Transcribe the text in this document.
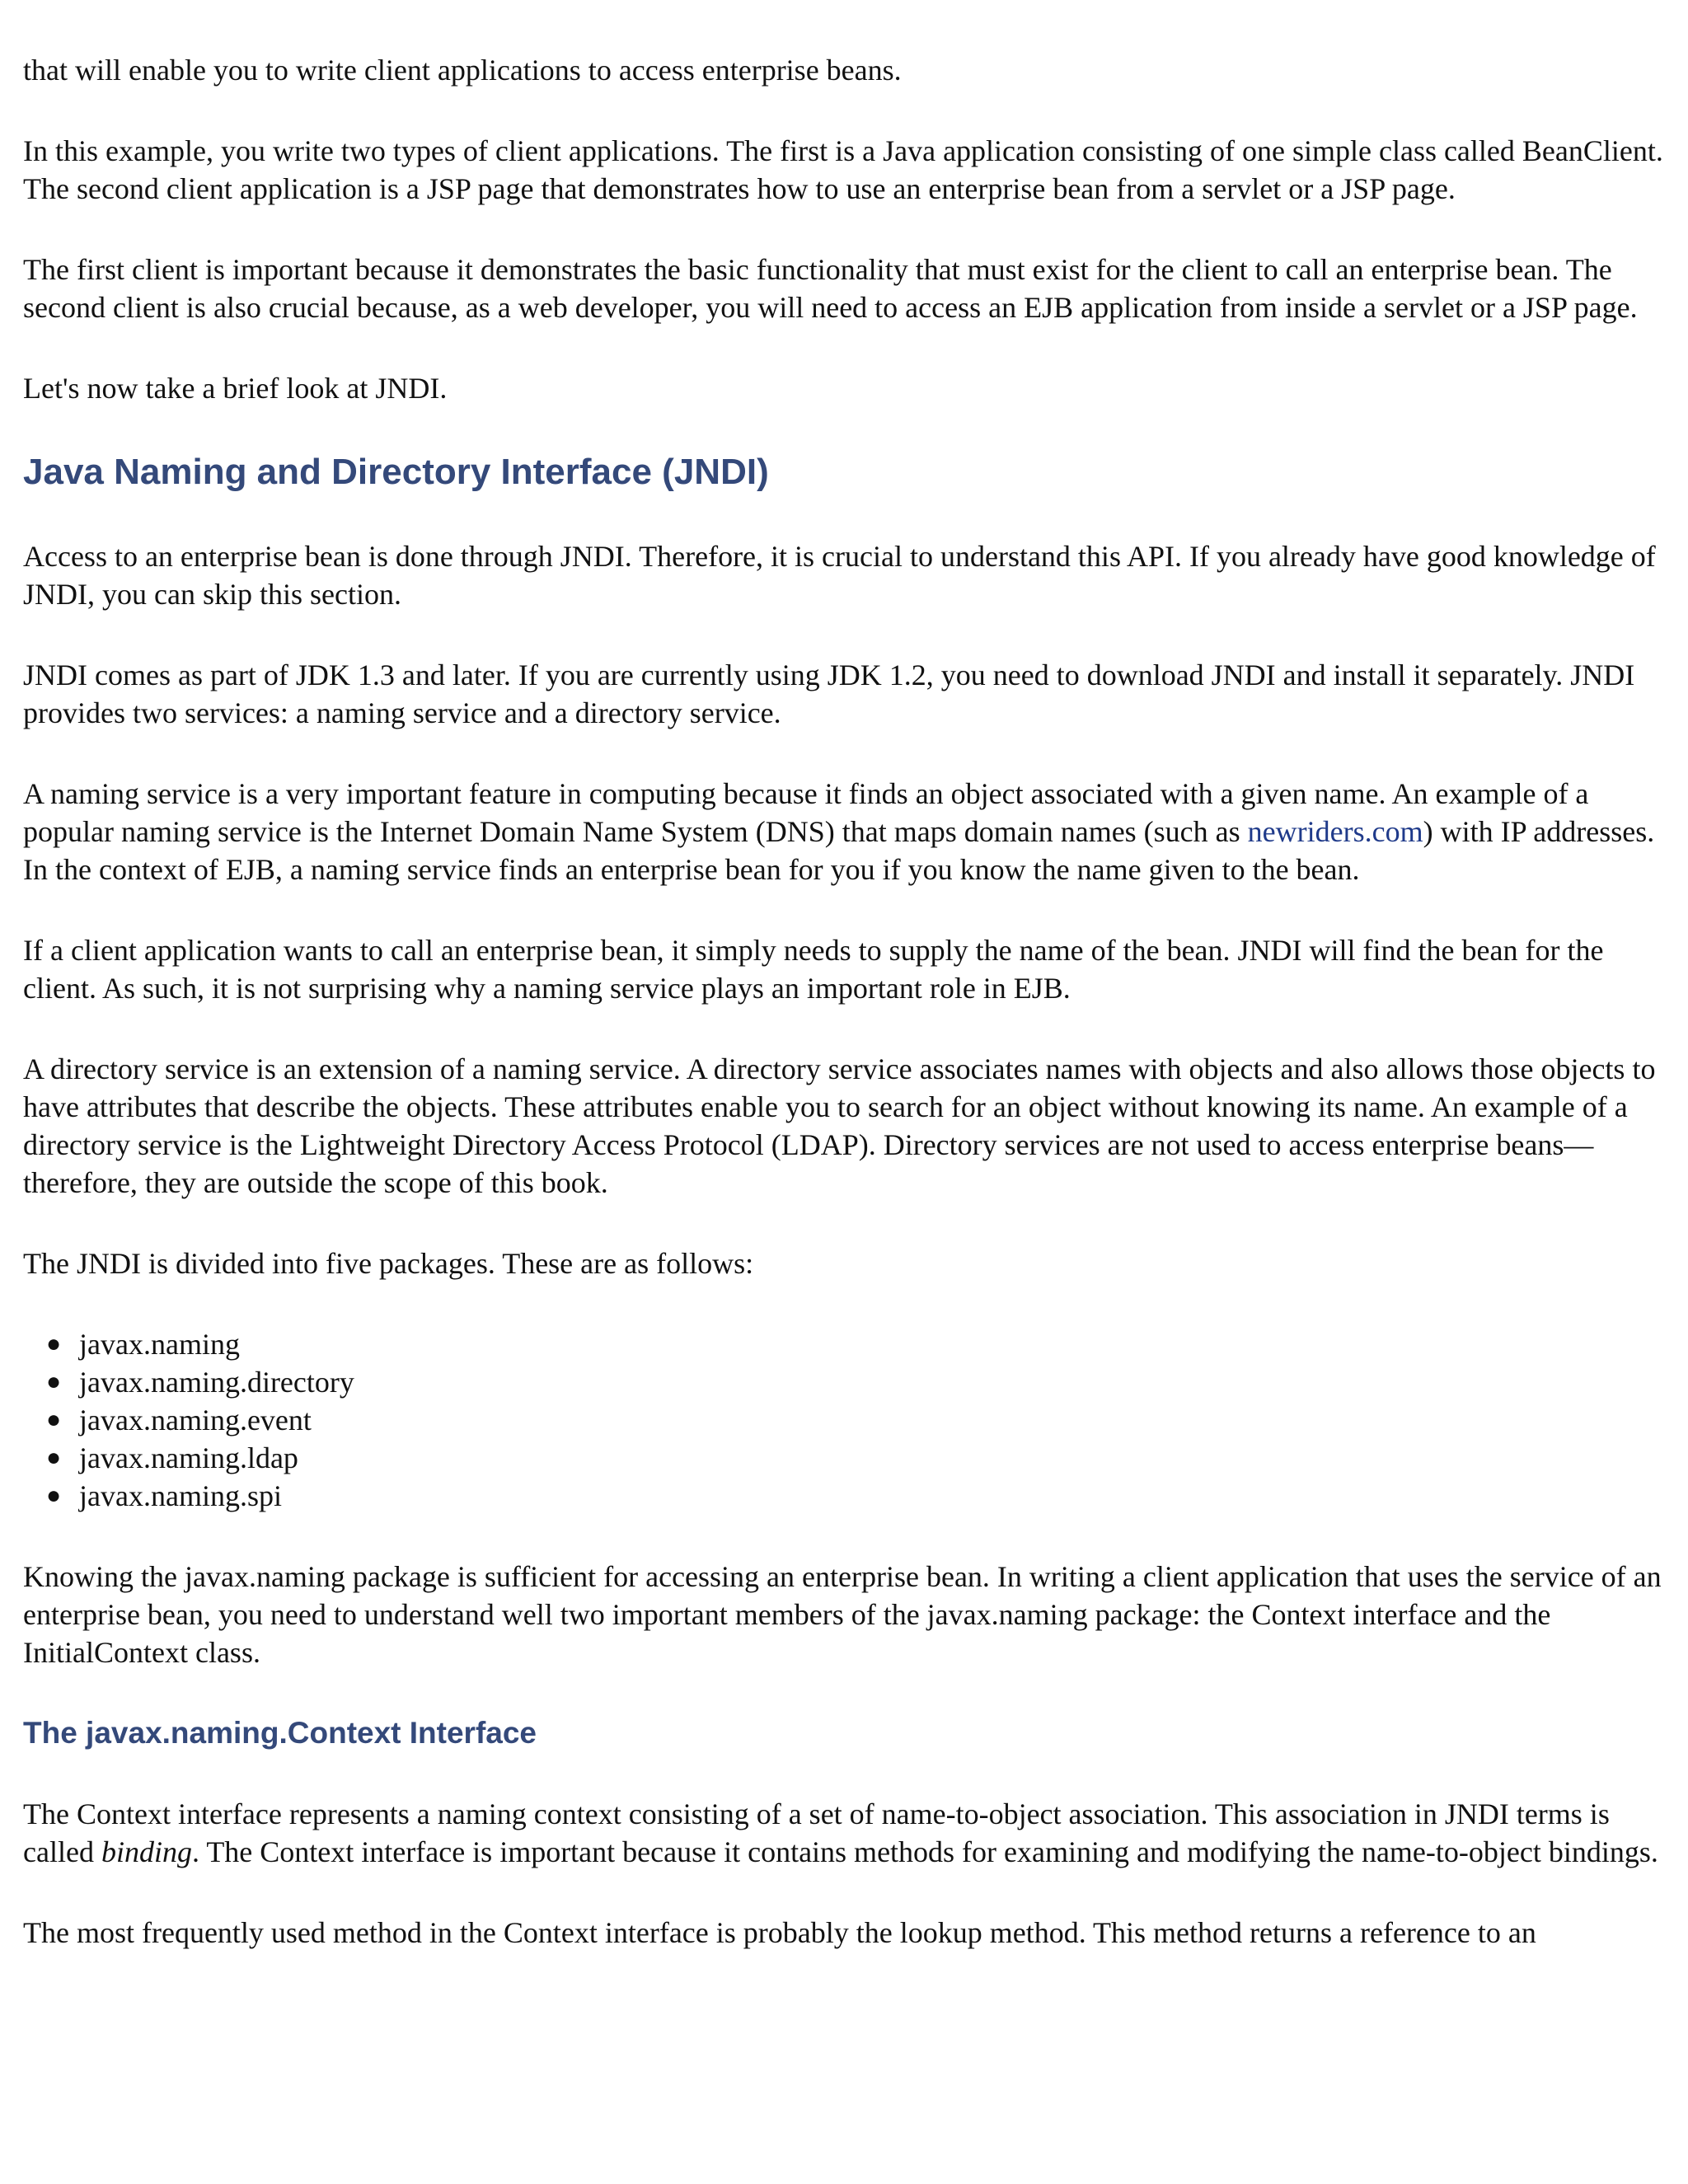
that will enable you to write client applications to access enterprise beans.

In this example, you write two types of client applications. The first is a Java application consisting of one simple class called BeanClient. The second client application is a JSP page that demonstrates how to use an enterprise bean from a servlet or a JSP page.

The first client is important because it demonstrates the basic functionality that must exist for the client to call an enterprise bean. The second client is also crucial because, as a web developer, you will need to access an EJB application from inside a servlet or a JSP page.

Let's now take a brief look at JNDI.

Java Naming and Directory Interface (JNDI)

Access to an enterprise bean is done through JNDI. Therefore, it is crucial to understand this API. If you already have good knowledge of JNDI, you can skip this section.

JNDI comes as part of JDK 1.3 and later. If you are currently using JDK 1.2, you need to download JNDI and install it separately. JNDI provides two services: a naming service and a directory service.

A naming service is a very important feature in computing because it finds an object associated with a given name. An example of a popular naming service is the Internet Domain Name System (DNS) that maps domain names (such as newriders.com) with IP addresses. In the context of EJB, a naming service finds an enterprise bean for you if you know the name given to the bean.

If a client application wants to call an enterprise bean, it simply needs to supply the name of the bean. JNDI will find the bean for the client. As such, it is not surprising why a naming service plays an important role in EJB.

A directory service is an extension of a naming service. A directory service associates names with objects and also allows those objects to have attributes that describe the objects. These attributes enable you to search for an object without knowing its name. An example of a directory service is the Lightweight Directory Access Protocol (LDAP). Directory services are not used to access enterprise beans—therefore, they are outside the scope of this book.

The JNDI is divided into five packages. These are as follows:

● javax.naming
● javax.naming.directory
● javax.naming.event
● javax.naming.ldap
● javax.naming.spi

Knowing the javax.naming package is sufficient for accessing an enterprise bean. In writing a client application that uses the service of an enterprise bean, you need to understand well two important members of the javax.naming package: the Context interface and the InitialContext class.

The javax.naming.Context Interface

The Context interface represents a naming context consisting of a set of name-to-object association. This association in JNDI terms is called binding. The Context interface is important because it contains methods for examining and modifying the name-to-object bindings.

The most frequently used method in the Context interface is probably the lookup method. This method returns a reference to an
